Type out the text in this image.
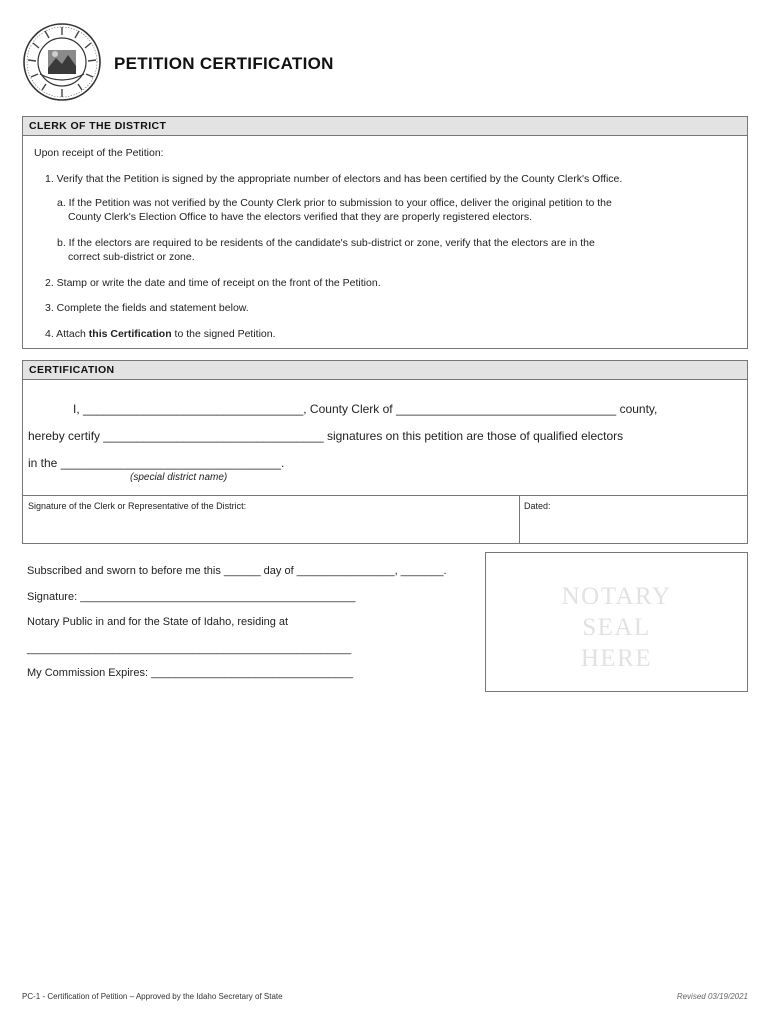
PETITION CERTIFICATION
CLERK OF THE DISTRICT
Upon receipt of the Petition:
1. Verify that the Petition is signed by the appropriate number of electors and has been certified by the County Clerk's Office.
a. If the Petition was not verified by the County Clerk prior to submission to your office, deliver the original petition to the
County Clerk's Election Office to have the electors verified that they are properly registered electors.
b. If the electors are required to be residents of the candidate's sub-district or zone, verify that the electors are in the
correct sub-district or zone.
2. Stamp or write the date and time of receipt on the front of the Petition.
3. Complete the fields and statement below.
4. Attach this Certification to the signed Petition.
CERTIFICATION
I, _________________________________, County Clerk of _________________________________ county,
hereby certify _________________________________ signatures on this petition are those of qualified electors
in the _________________________________.
(special district name)
Signature of the Clerk or Representative of the District:	Dated:
Subscribed and sworn to before me this ______ day of ________________, _______.
Signature: _____________________________________________
Notary Public in and for the State of Idaho, residing at
_____________________________________________________
My Commission Expires: _________________________________
NOTARY
SEAL
HERE
PC-1 - Certification of Petition – Approved by the Idaho Secretary of State	Revised 03/19/2021
